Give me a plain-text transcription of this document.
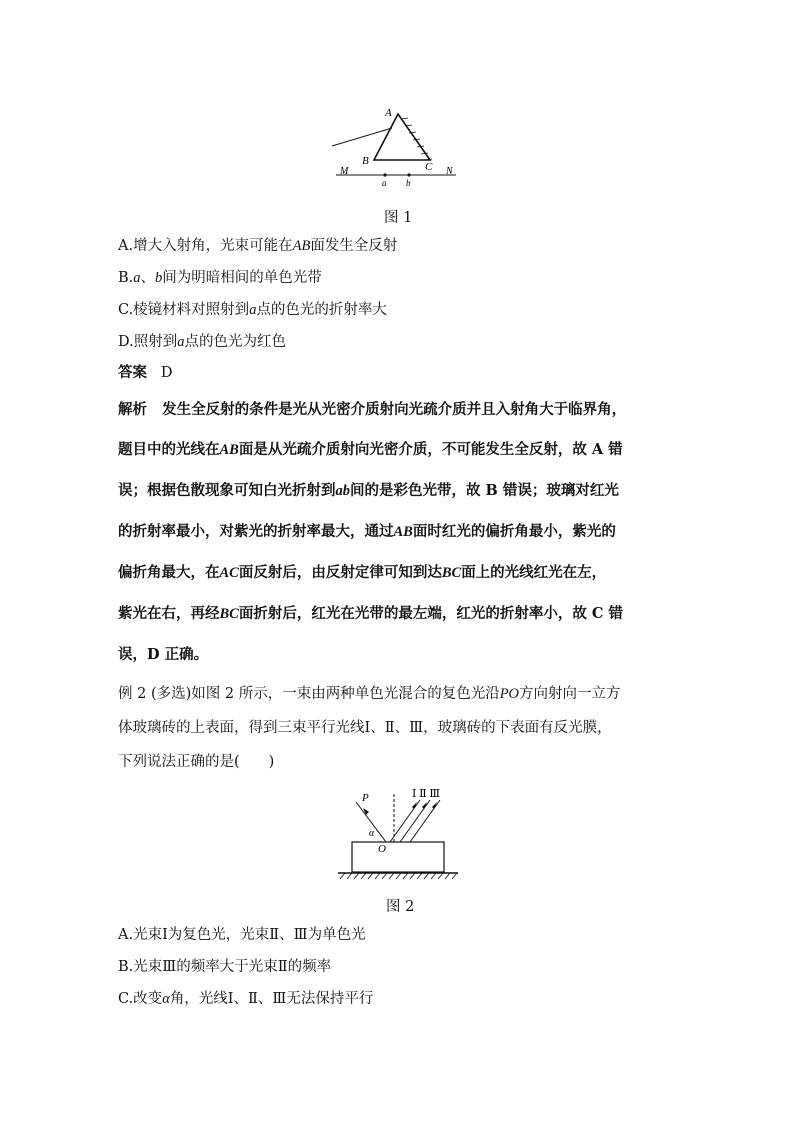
A
B	C
M	N
a b
图 1
A.增大入射角，光束可能在AB面发生全反射
B.a、b间为明暗相间的单色光带
C.棱镜材料对照射到a点的色光的折射率大
D.照射到a点的色光为红色
答案 D
解析 发生全反射的条件是光从光密介质射向光疏介质并且入射角大于临界角，
题目中的光线在AB面是从光疏介质射向光密介质，不可能发生全反射，故 A 错
误；根据色散现象可知白光折射到ab间的是彩色光带，故 B 错误；玻璃对红光
的折射率最小，对紫光的折射率最大，通过AB面时红光的偏折角最小，紫光的
偏折角最大，在AC面反射后，由反射定律可知到达BC面上的光线红光在左，
紫光在右，再经BC面折射后，红光在光带的最左端，红光的折射率小，故 C 错
误，D 正确。
例 2 (多选)如图 2 所示，一束由两种单色光混合的复色光沿PO方向射向一立方
体玻璃砖的上表面，得到三束平行光线Ⅰ、Ⅱ、Ⅲ，玻璃砖的下表面有反光膜，
下列说法正确的是(　　)
P
α
O
Ⅰ Ⅱ Ⅲ
图 2
A.光束Ⅰ为复色光，光束Ⅱ、Ⅲ为单色光
B.光束Ⅲ的频率大于光束Ⅱ的频率
C.改变α角，光线Ⅰ、Ⅱ、Ⅲ无法保持平行
